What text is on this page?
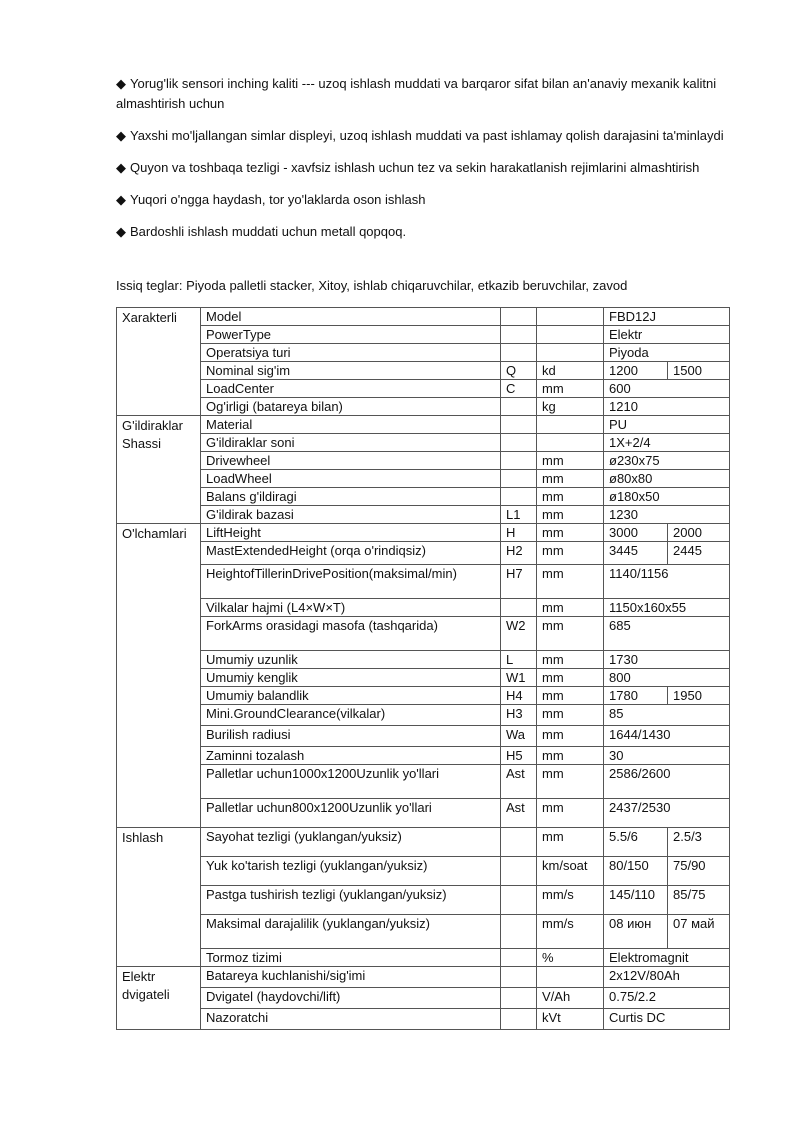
◆ Yorug'lik sensori inching kaliti --- uzoq ishlash muddati va barqaror sifat bilan an'anaviy mexanik kalitni almashtirish uchun

◆ Yaxshi mo'ljallangan simlar displeyi, uzoq ishlash muddati va past ishlamay qolish darajasini ta'minlaydi

◆ Quyon va toshbaqa tezligi - xavfsiz ishlash uchun tez va sekin harakatlanish rejimlarini almashtirish

◆ Yuqori o'ngga haydash, tor yo'laklarda oson ishlash

◆ Bardoshli ishlash muddati uchun metall qopqoq.

Issiq teglar: Piyoda palletli stacker, Xitoy, ishlab chiqaruvchilar, etkazib beruvchilar, zavod
Xarakterli	Model			FBD12J	
	PowerType			Elektr	
	Operatsiya turi			Piyoda	
	Nominal sig'im	Q	kd	1200	1500
	LoadCenter	C	mm	600	
	Og'irligi (batareya bilan)		kg	1210	
G'ildiraklar Shassi	Material			PU	
	G'ildiraklar soni			1X+2/4	
	Drivewheel		mm	ø230x75	
	LoadWheel		mm	ø80x80	
	Balans g'ildiragi		mm	ø180x50	
	G'ildirak bazasi	L1	mm	1230	
O'lchamlari	LiftHeight	H	mm	3000	2000
	MastExtendedHeight (orqa o'rindiqsiz)	H2	mm	3445	2445
	HeightofTillerinDrivePosition(maksimal/min)	H7	mm	1140/1156	
	Vilkalar hajmi (L4×W×T)		mm	1150x160x55	
	ForkArms orasidagi masofa (tashqarida)	W2	mm	685	
	Umumiy uzunlik	L	mm	1730	
	Umumiy kenglik	W1	mm	800	
	Umumiy balandlik	H4	mm	1780	1950
	Mini.GroundClearance(vilkalar)	H3	mm	85	
	Burilish radiusi	Wa	mm	1644/1430	
	Zaminni tozalash	H5	mm	30	
	Palletlar uchun1000x1200Uzunlik yo'llari	Ast	mm	2586/2600	
	Palletlar uchun800x1200Uzunlik yo'llari	Ast	mm	2437/2530	
Ishlash	Sayohat tezligi (yuklangan/yuksiz)		mm	5.5/6	2.5/3
	Yuk ko'tarish tezligi (yuklangan/yuksiz)		km/soat	80/150	75/90
	Pastga tushirish tezligi (yuklangan/yuksiz)		mm/s	145/110	85/75
	Maksimal darajalilik (yuklangan/yuksiz)		mm/s	08 июн	07 май
	Tormoz tizimi		%	Elektromagnit	
Elektr dvigateli	Batareya kuchlanishi/sig'imi			2x12V/80Ah	
	Dvigatel (haydovchi/lift)		V/Ah	0.75/2.2	
	Nazoratchi		kVt	Curtis DC	
